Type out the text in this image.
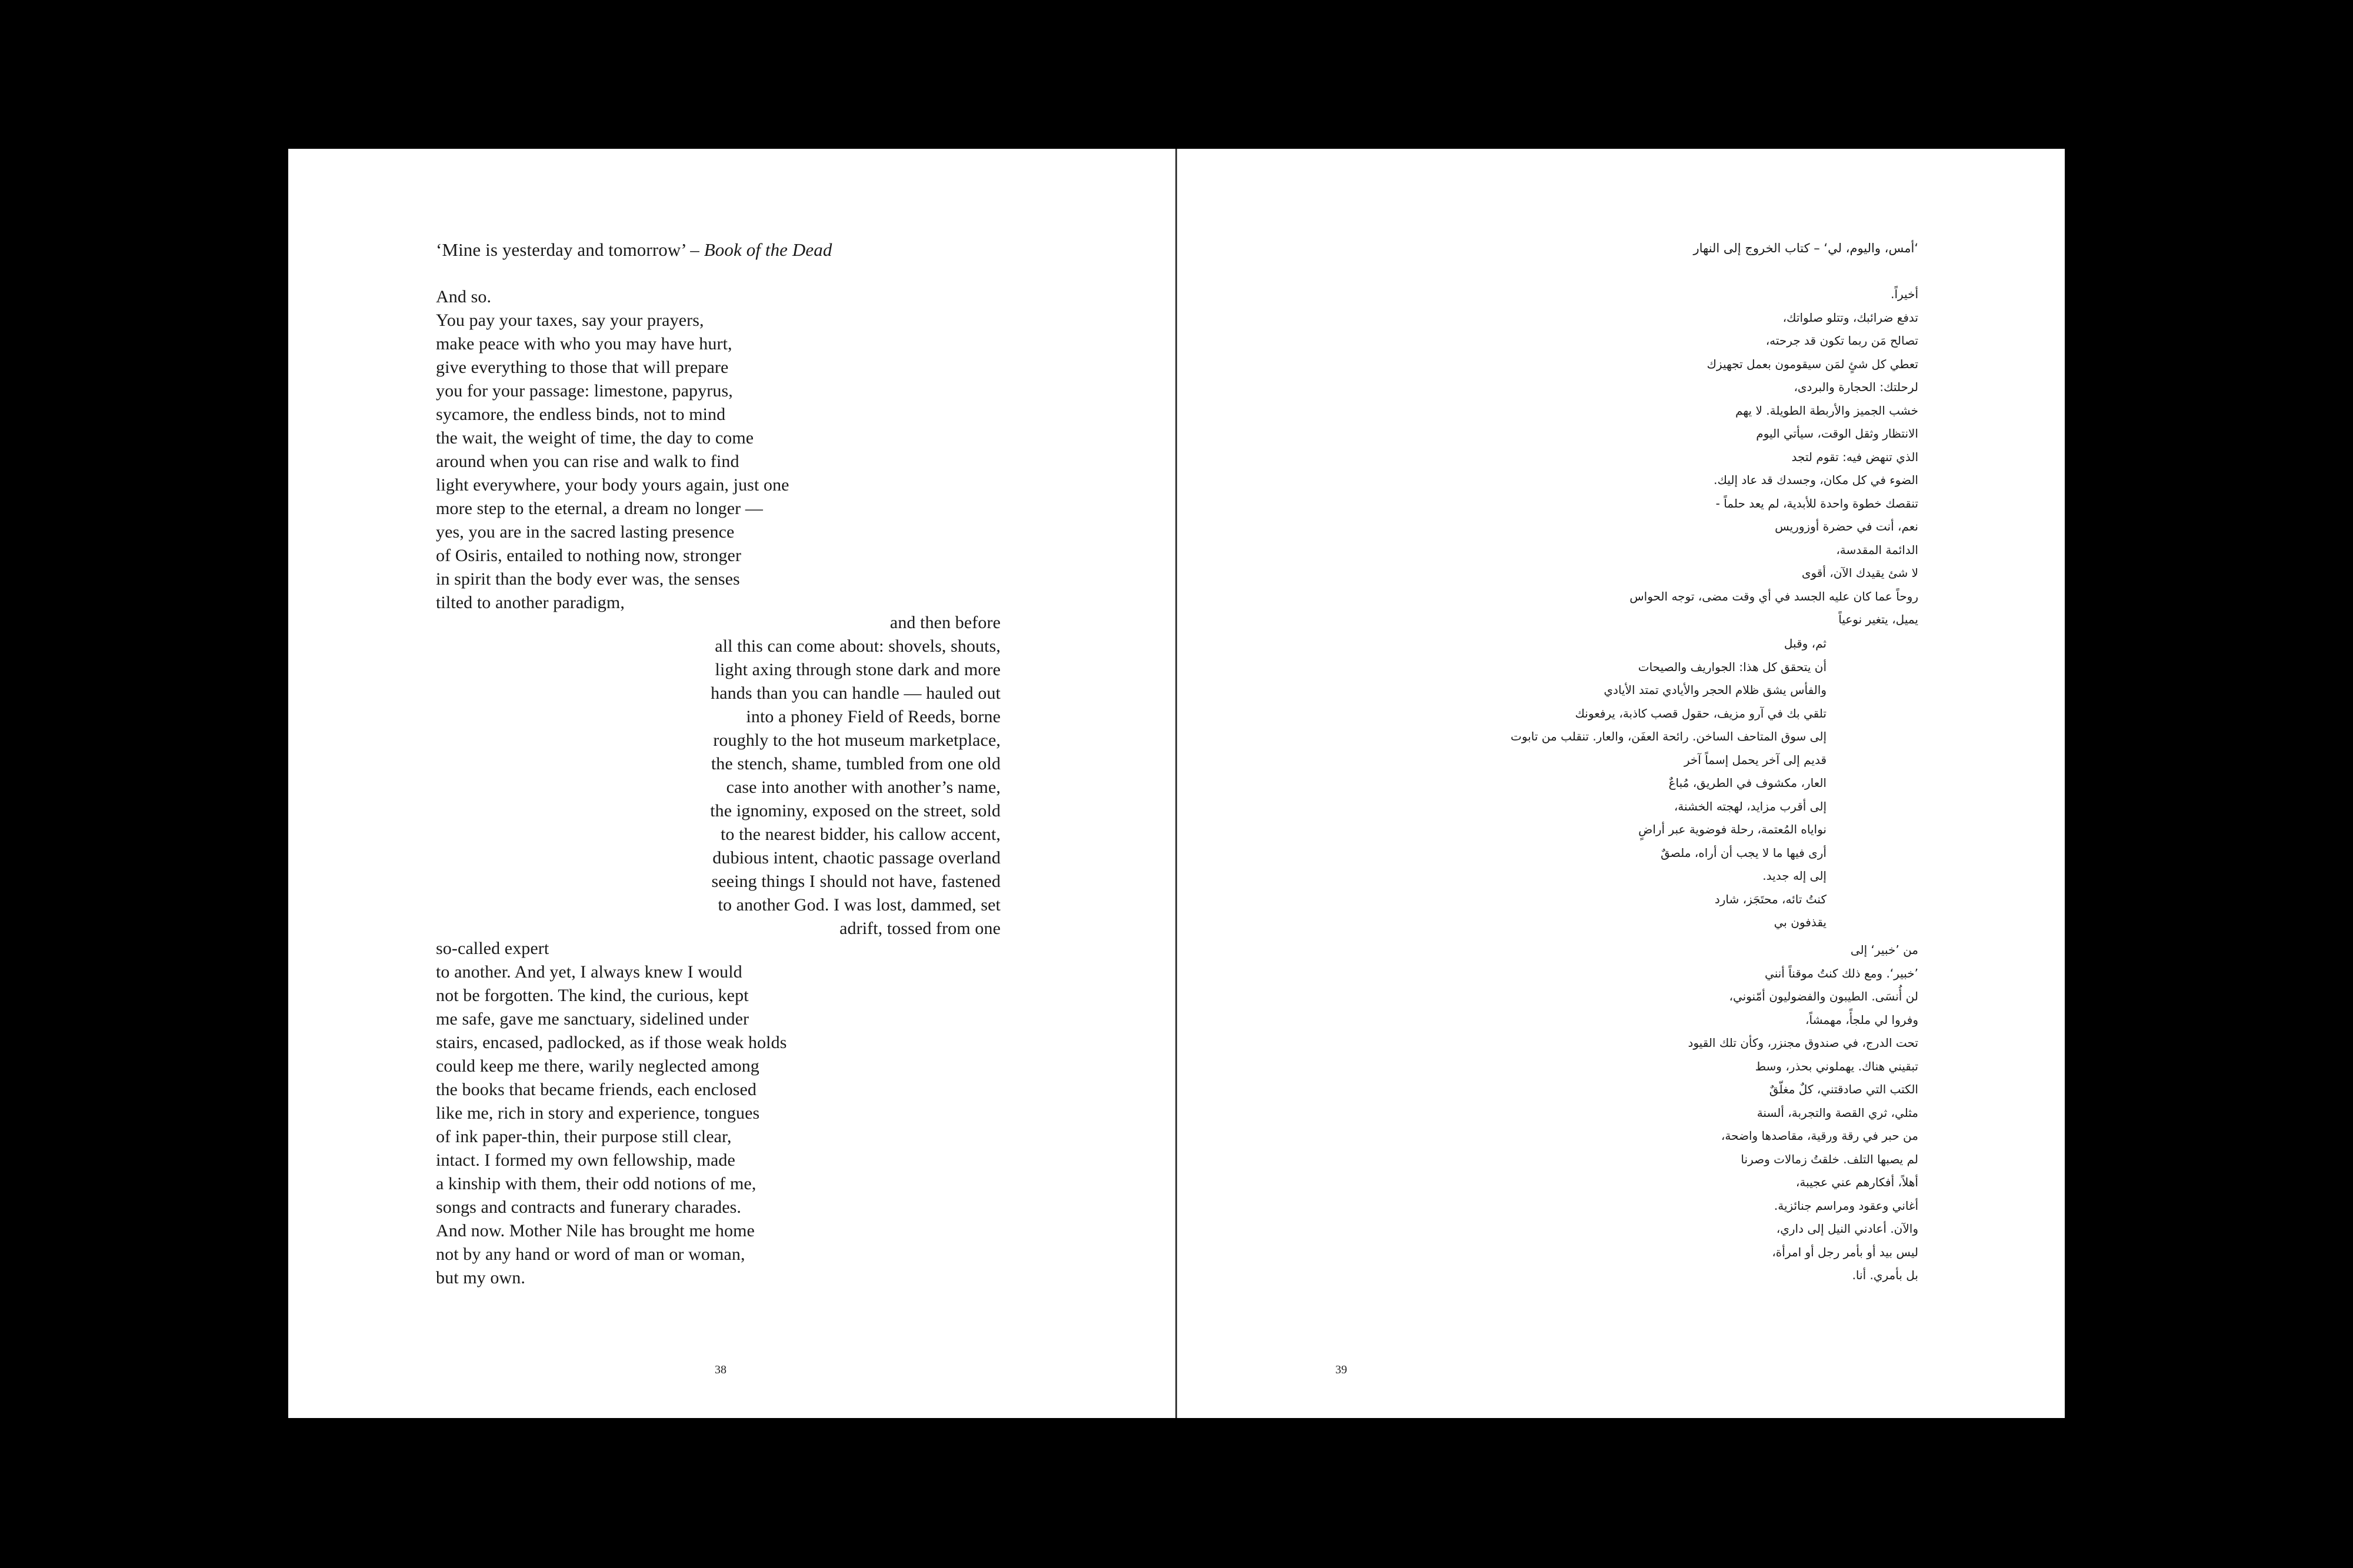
‘Mine is yesterday and tomorrow’ – Book of the Dead
And so.
You pay your taxes, say your prayers,
make peace with who you may have hurt,
give everything to those that will prepare
you for your passage: limestone, papyrus,
sycamore, the endless binds, not to mind
the wait, the weight of time, the day to come
around when you can rise and walk to find
light everywhere, your body yours again, just one
more step to the eternal, a dream no longer —
yes, you are in the sacred lasting presence
of Osiris, entailed to nothing now, stronger
in spirit than the body ever was, the senses
tilted to another paradigm,
and then before
all this can come about: shovels, shouts,
light axing through stone dark and more
hands than you can handle — hauled out
into a phoney Field of Reeds, borne
roughly to the hot museum marketplace,
the stench, shame, tumbled from one old
case into another with another’s name,
the ignominy, exposed on the street, sold
to the nearest bidder, his callow accent,
dubious intent, chaotic passage overland
seeing things I should not have, fastened
to another God. I was lost, dammed, set
adrift, tossed from one
so-called expert
to another. And yet, I always knew I would
not be forgotten. The kind, the curious, kept
me safe, gave me sanctuary, sidelined under
stairs, encased, padlocked, as if those weak holds
could keep me there, warily neglected among
the books that became friends, each enclosed
like me, rich in story and experience, tongues
of ink paper-thin, their purpose still clear,
intact. I formed my own fellowship, made
a kinship with them, their odd notions of me,
songs and contracts and funerary charades.
And now. Mother Nile has brought me home
not by any hand or word of man or woman,
but my own.
38
‘أمس، واليوم، لي‘ – كتاب الخروج إلى النهار
أخيراً.
تدفع ضرائبك، وتتلو صلواتك،
تصالح مَن ربما تكون قد جرحته،
تعطي كل شئٍ لمَن سيقومون بعمل تجهيزك
لرحلتك: الحجارة والبردى،
خشب الجميز والأربطة الطويلة. لا يهم
الانتظار وثقل الوقت، سيأتي اليوم
الذي تنهض فيه: تقوم لتجد
الضوء في كل مكان، وجسدك قد عاد إليك.
تنقصك خطوة واحدة للأبدية، لم يعد حلماً -
نعم، أنت في حضرة أوزوريس
الدائمة المقدسة،
لا شئ يقيدك الآن، أقوى
روحاً عما كان عليه الجسد في أي وقت مضى، توجه الحواس
يميل، يتغير نوعياً
ثم، وقبل
أن يتحقق كل هذا: الجواريف والصيحات
والفأس يشق ظلام الحجر والأيادي تمتد الأيادي
تلقي بك في آرو مزيف، حقول قصب كاذبة، يرفعونك
إلى سوق المتاحف الساخن. رائحة العفَن، والعار. تنقلب من تابوت
قديم إلى آخر يحمل إسماً آخر
العار، مكشوف في الطريق، مُباعٌ
إلى أقرب مزايد، لهجته الخشنة،
نواياه المُعتمة، رحلة فوضوية عبر أراضٍ
أرى فيها ما لا يجب أن أراه، ملصقٌ
إلى إله جديد.
كنتُ تائه، محتَجَز، شارد
يقذفون بي
من ’خبير‘ إلى
’خبير‘. ومع ذلك كنتُ موقناً أنني
لن أُنسَى. الطيبون والفضوليون أمّنوني،
وفروا لي ملجأً، مهمشاً،
تحت الدرج، في صندوق مجنزر، وكأن تلك القيود
تبقيني هناك. يهملوني بحذر، وسط
الكتب التي صادقتني، كلٌ مغلّقٌ
مثلي، ثري القصة والتجربة، ألسنة
من حبر في رقة ورقية، مقاصدها واضحة،
لم يصبها التلف. خلقتُ زمالات وصرنا
أهلاً، أفكارهم عني عجيبة،
أغاني وعقود ومراسم جنائزية.
والآن. أعادني النيل إلى داري،
ليس بيد أو بأمر رجل أو امرأة،
بل بأمري. أنا.
39
